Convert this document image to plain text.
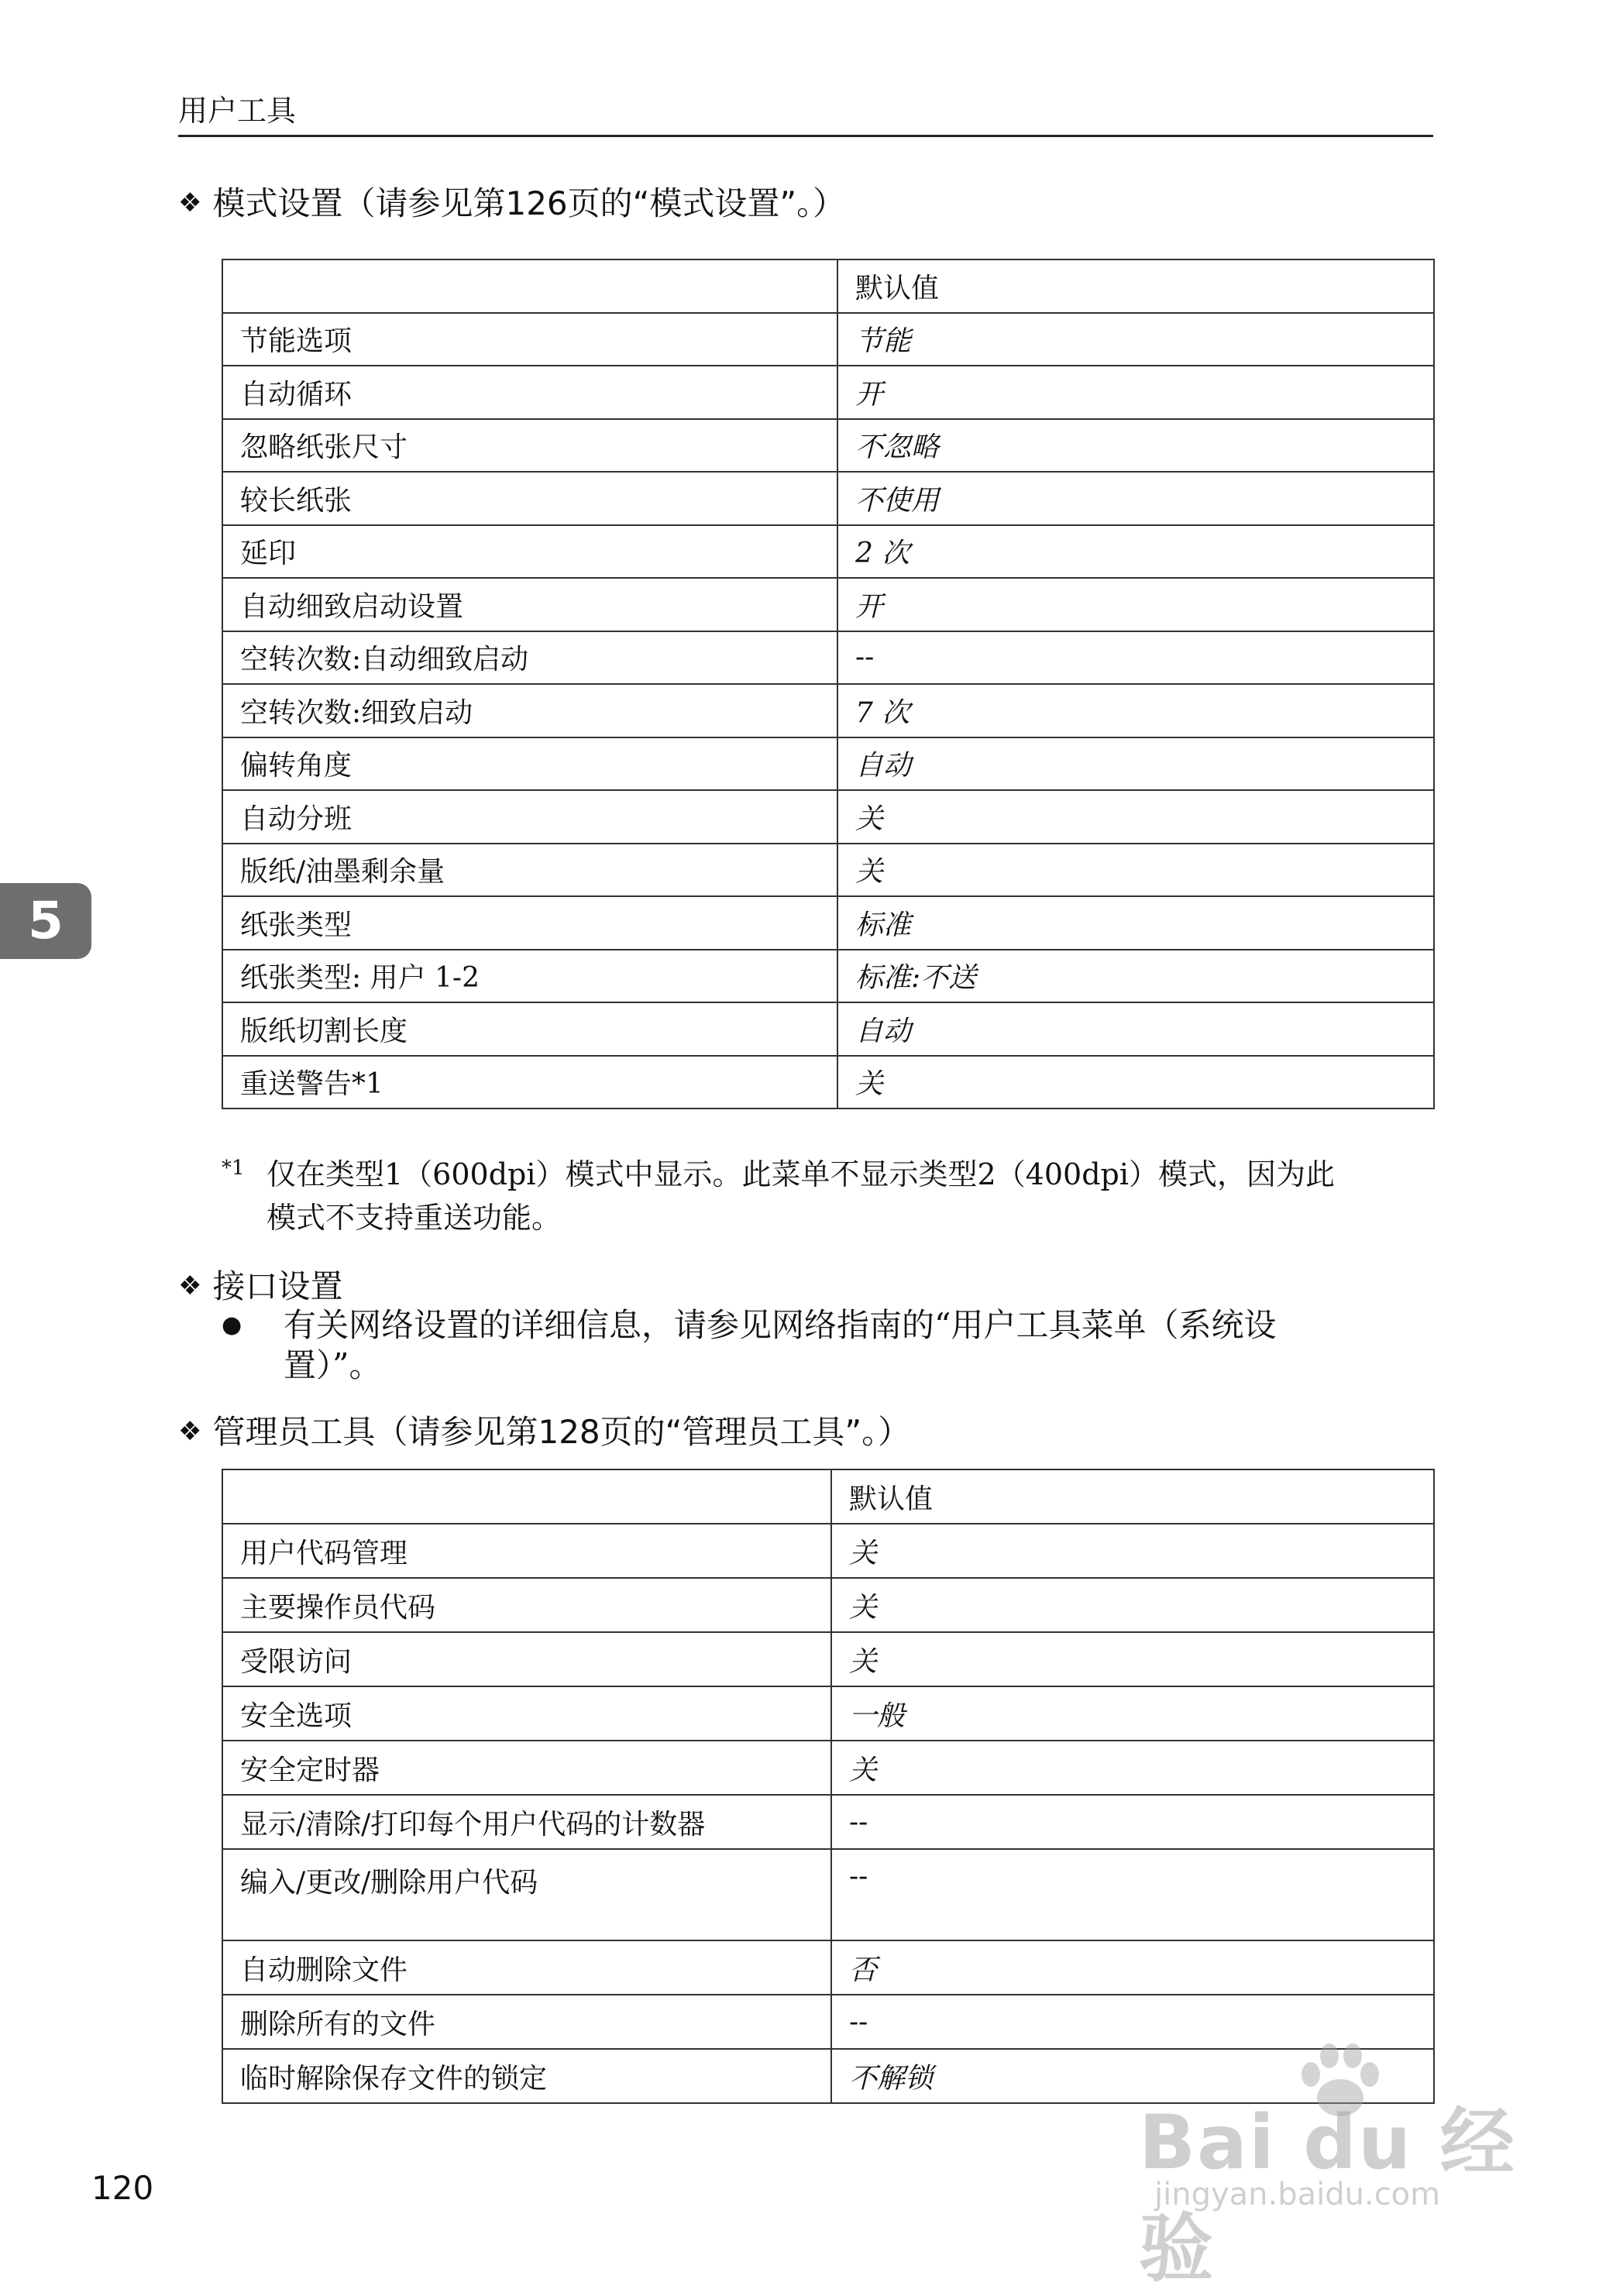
用户工具
❖ 模式设置（请参见第126页的“模式设置”。）
	默认值
节能选项	节能
自动循环	开
忽略纸张尺寸	不忽略
较长纸张	不使用
延印	2 次
自动细致启动设置	开
空转次数:自动细致启动	--
空转次数:细致启动	7 次
偏转角度	自动
自动分班	关
版纸/油墨剩余量	关
纸张类型	标准
纸张类型: 用户 1-2	标准:不送
版纸切割长度	自动
重送警告*1	关
*1 仅在类型1（600dpi）模式中显示。此菜单不显示类型2（400dpi）模式，因为此
模式不支持重送功能。
❖ 接口设置
● 有关网络设置的详细信息，请参见网络指南的“用户工具菜单（系统设
置）”。
❖ 管理员工具（请参见第128页的“管理员工具”。）
	默认值
用户代码管理	关
主要操作员代码	关
受限访问	关
安全选项	一般
安全定时器	关
显示/清除/打印每个用户代码的计数器	--
编入/更改/删除用户代码	--
自动删除文件	否
删除所有的文件	--
临时解除保存文件的锁定	不解锁
5
120
Bai du 经验
jingyan.baidu.com
